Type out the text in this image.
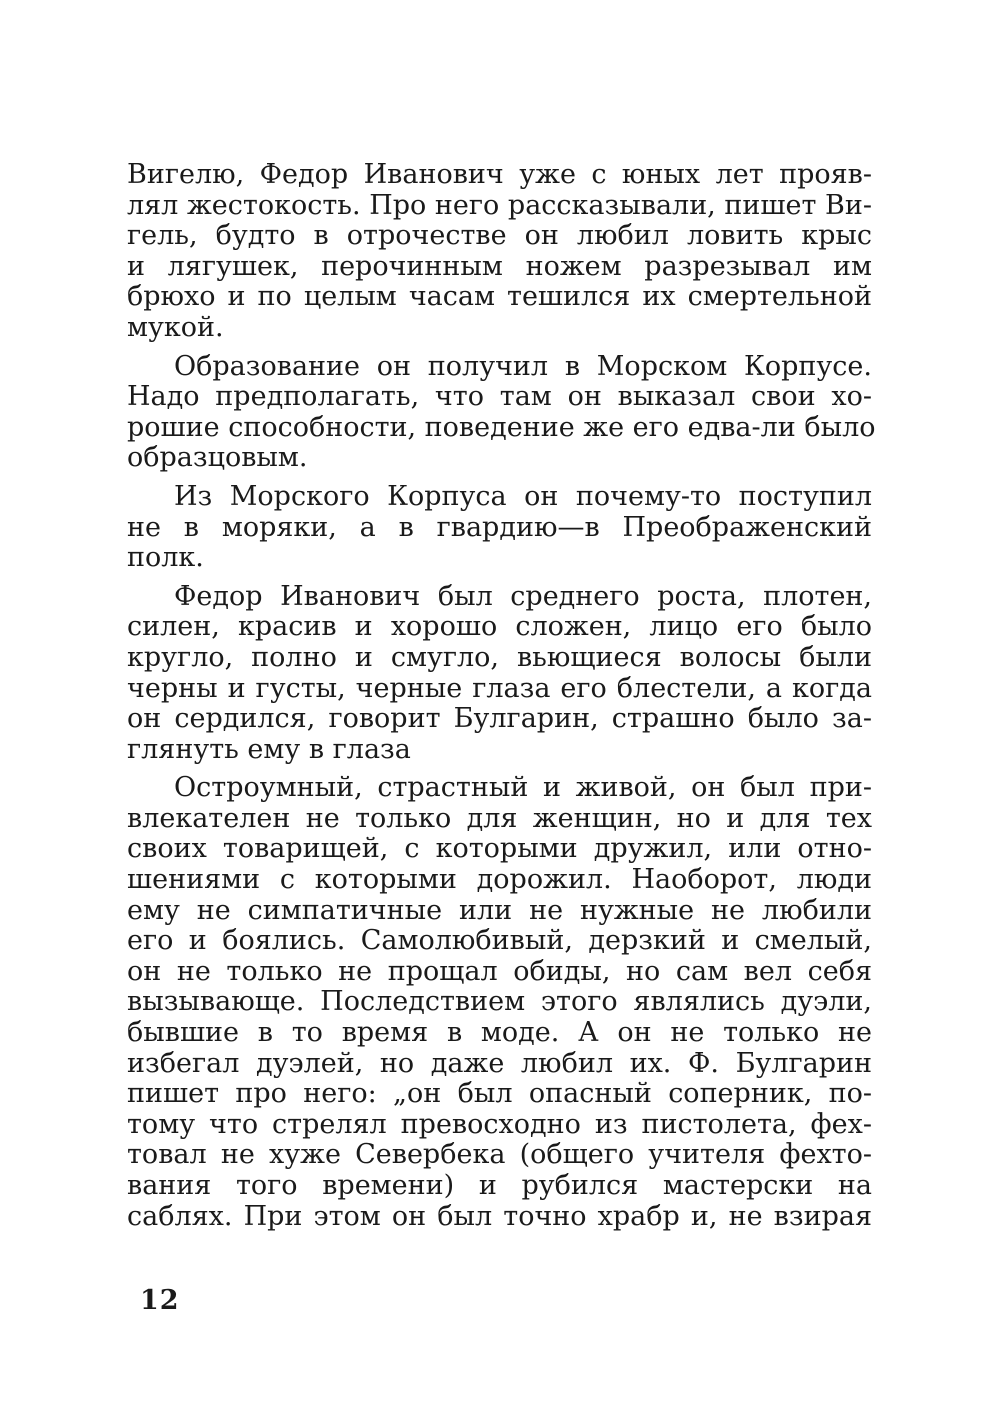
Вигелю, Федор Иванович уже с юных лет прояв-
лял жестокость. Про него рассказывали, пишет Ви-
гель, будто в отрочестве он любил ловить крыс
и лягушек, перочинным ножем разрезывал им
брюхо и по целым часам тешился их смертельной
мукой.
Образование он получил в Морском Корпусе.
Надо предполагать, что там он выказал свои хо-
рошие способности, поведение же его едва-ли было
образцовым.
Из Морского Корпуса он почему-то поступил
не в моряки, а в гвардию—в Преображенский
полк.
Федор Иванович был среднего роста, плотен,
силен, красив и хорошо сложен, лицо его было
кругло, полно и смугло, вьющиеся волосы были
черны и густы, черные глаза его блестели, а когда
он сердился, говорит Булгарин, страшно было за-
глянуть ему в глаза
Остроумный, страстный и живой, он был при-
влекателен не только для женщин, но и для тех
своих товарищей, с которыми дружил, или отно-
шениями с которыми дорожил. Наоборот, люди
ему не симпатичные или не нужные не любили
его и боялись. Самолюбивый, дерзкий и смелый,
он не только не прощал обиды, но сам вел себя
вызывающе. Последствием этого являлись дуэли,
бывшие в то время в моде. А он не только не
избегал дуэлей, но даже любил их. Ф. Булгарин
пишет про него: „он был опасный соперник, по-
тому что стрелял превосходно из пистолета, фех-
товал не хуже Севербека (общего учителя фехто-
вания того времени) и рубился мастерски на
саблях. При этом он был точно храбр и, не взирая
12
